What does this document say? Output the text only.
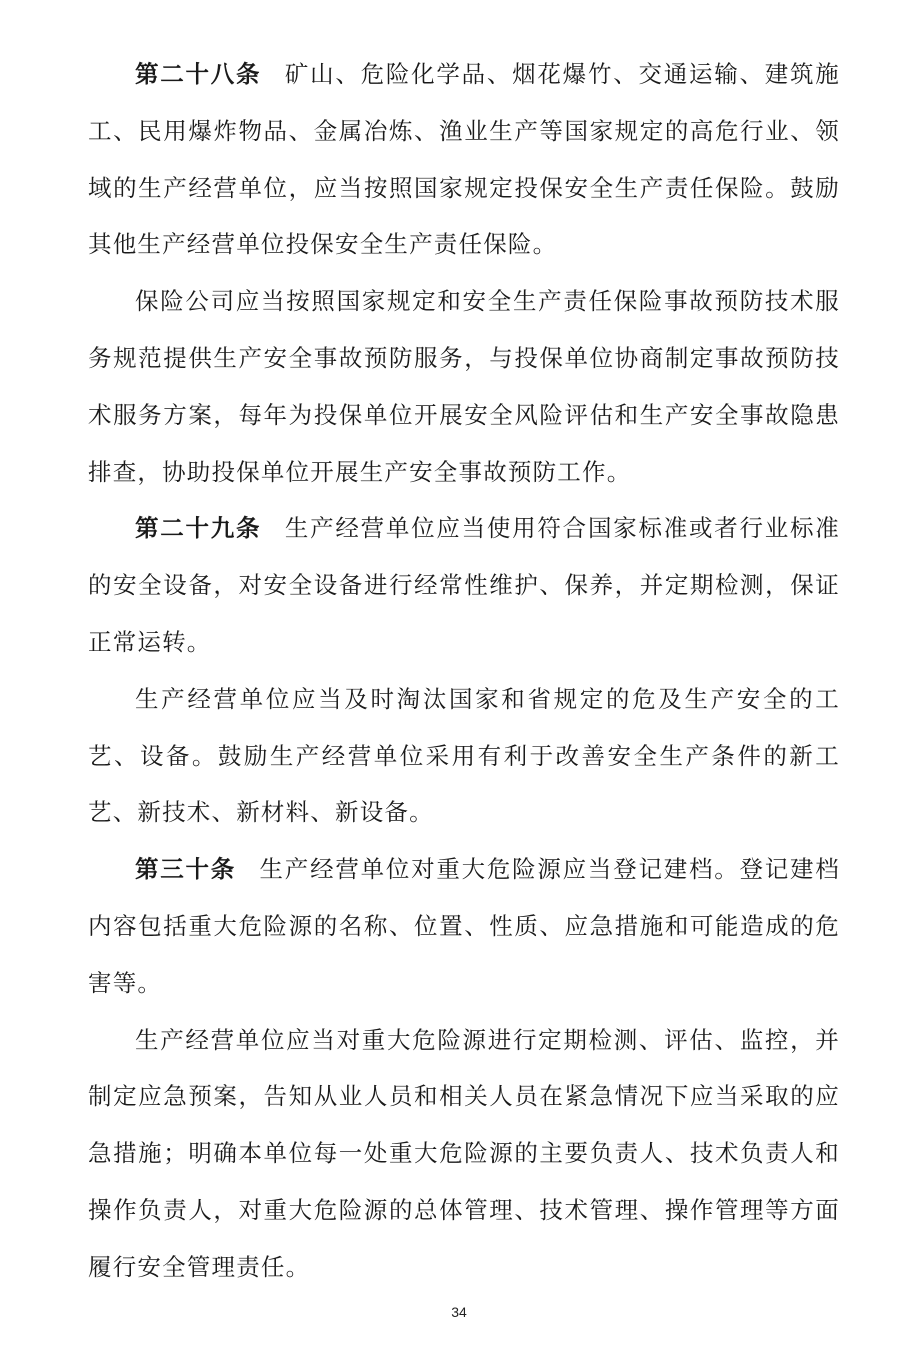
第二十八条 矿山、危险化学品、烟花爆竹、交通运输、建筑施工、民用爆炸物品、金属冶炼、渔业生产等国家规定的高危行业、领域的生产经营单位，应当按照国家规定投保安全生产责任保险。鼓励其他生产经营单位投保安全生产责任保险。

保险公司应当按照国家规定和安全生产责任保险事故预防技术服务规范提供生产安全事故预防服务，与投保单位协商制定事故预防技术服务方案，每年为投保单位开展安全风险评估和生产安全事故隐患排查，协助投保单位开展生产安全事故预防工作。

第二十九条 生产经营单位应当使用符合国家标准或者行业标准的安全设备，对安全设备进行经常性维护、保养，并定期检测，保证正常运转。

生产经营单位应当及时淘汰国家和省规定的危及生产安全的工艺、设备。鼓励生产经营单位采用有利于改善安全生产条件的新工艺、新技术、新材料、新设备。

第三十条 生产经营单位对重大危险源应当登记建档。登记建档内容包括重大危险源的名称、位置、性质、应急措施和可能造成的危害等。

生产经营单位应当对重大危险源进行定期检测、评估、监控，并制定应急预案，告知从业人员和相关人员在紧急情况下应当采取的应急措施；明确本单位每一处重大危险源的主要负责人、技术负责人和操作负责人，对重大危险源的总体管理、技术管理、操作管理等方面履行安全管理责任。

34
